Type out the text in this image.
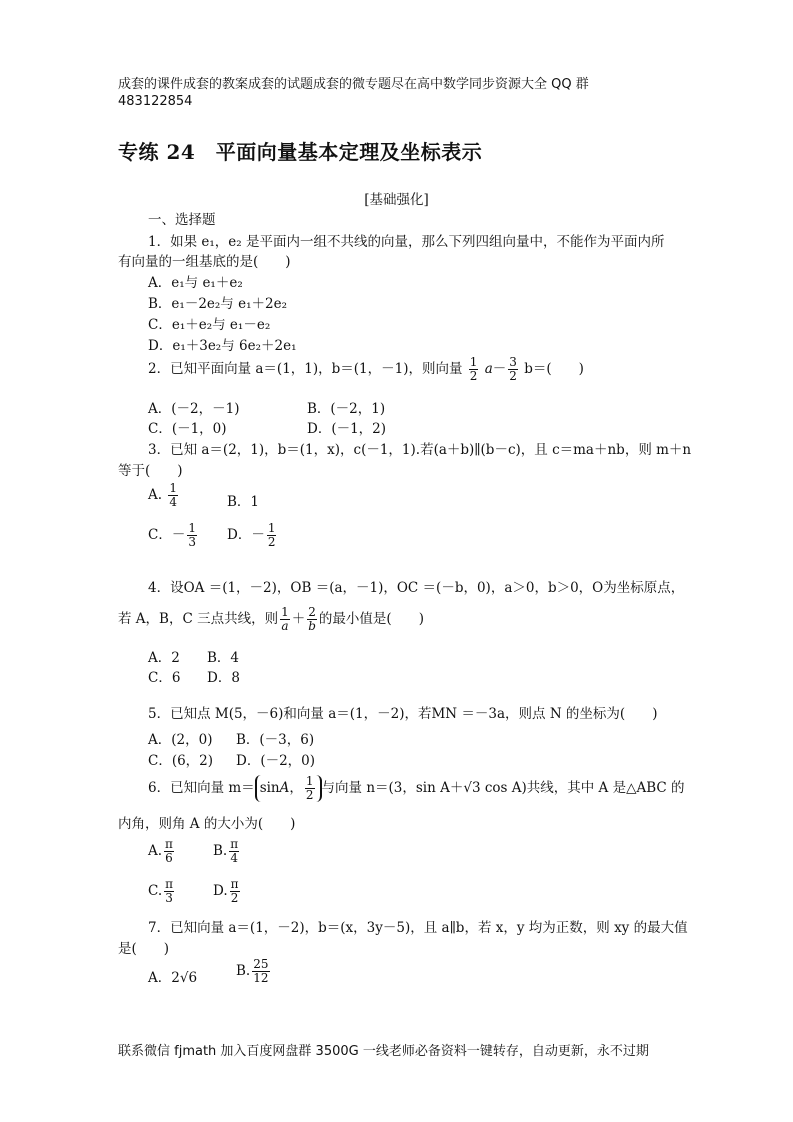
成套的课件成套的教案成套的试题成套的微专题尽在高中数学同步资源大全 QQ 群
483122854
专练 24　平面向量基本定理及坐标表示
[基础强化]
一、选择题
1．如果 e₁，e₂ 是平面内一组不共线的向量，那么下列四组向量中，不能作为平面内所
有向量的一组基底的是(　　)
A．e₁与 e₁＋e₂
B．e₁－2e₂与 e₁＋2e₂
C．e₁＋e₂与 e₁－e₂
D．e₁＋3e₂与 6e₂＋2e₁
2．已知平面向量 a＝(1，1)，b＝(1，－1)，则向量 $\frac{1}{2} a- \frac{3}{2} b=$(　　)
A．(－2，－1)	B．(－2，1)
C．(－1，0)	D．(－1，2)
3．已知 a＝(2，1)，b＝(1，x)，c(－1，1).若(a＋b)∥(b－c)，且 c＝ma＋nb，则 m＋n
等于(　　)
A. $\frac{1}{4}$	B．1
C．－ $\frac{1}{3}$ D．－ $\frac{1}{2}$
4．设OA ＝(1，－2)，OB ＝(a，－1)，OC ＝(－b，0)，a＞0，b＞0，O为坐标原点，
若 A，B，C 三点共线，则 $\frac{1}{a} + \frac{2}{b}$ 的最小值是(　　)
A．2 B．4
C．6 D．8
5．已知点 M(5，－6)和向量 a＝(1，－2)，若MN ＝－3a，则点 N 的坐标为(　　)
A．(2，0) B．(－3，6)
C．(6，2) D．(－2，0)
6．已知向量 m＝ sinA， $\frac{1}{2}$ 与向量 n＝(3，sin A＋√3 cos A)共线，其中 A 是△ABC 的
内角，则角 A 的大小为(　　)
A. $\frac{\pi}{6}$	B. $\frac{\pi}{4}$
C. $\frac{\pi}{3}$	D. $\frac{\pi}{2}$
7．已知向量 a＝(1，－2)，b＝(x，3y－5)，且 a∥b，若 x，y 均为正数，则 xy 的最大值
是(　　)
A．2√6	B. $\frac{25}{12}$
联系微信 fjmath 加入百度网盘群 3500G 一线老师必备资料一键转存，自动更新，永不过期
